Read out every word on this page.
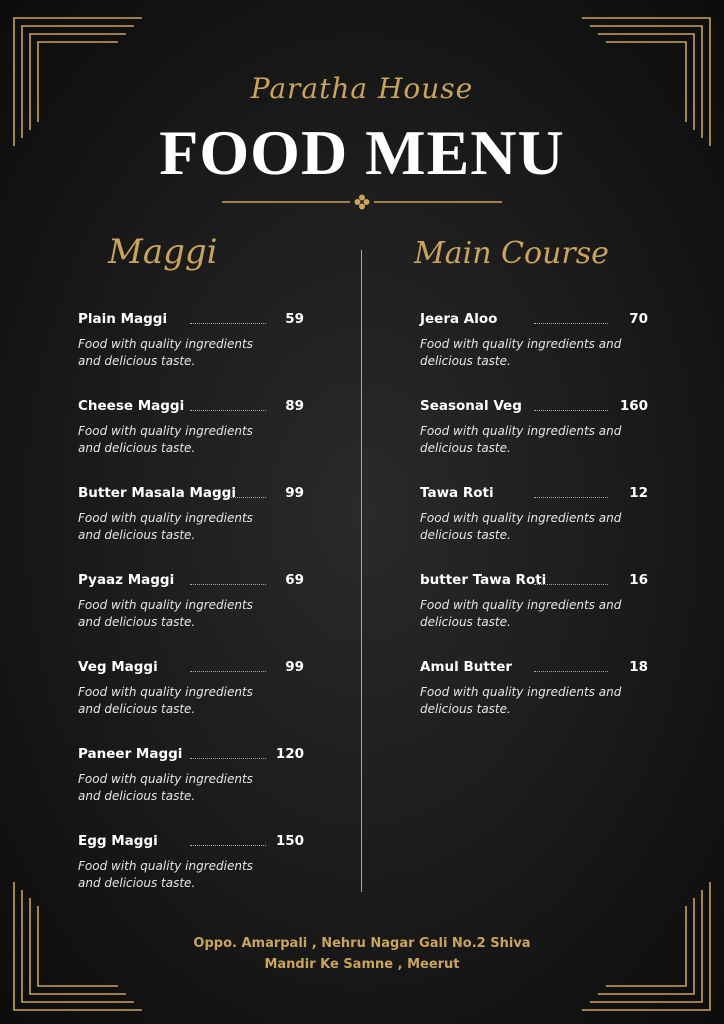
Paratha House
FOOD MENU
Maggi	Main Course
Plain Maggi	59
Food with quality ingredients and delicious taste.
Cheese Maggi	89
Food with quality ingredients and delicious taste.
Butter Masala Maggi	99
Food with quality ingredients and delicious taste.
Pyaaz Maggi	69
Food with quality ingredients and delicious taste.
Veg Maggi	99
Food with quality ingredients and delicious taste.
Paneer Maggi	120
Food with quality ingredients and delicious taste.
Egg Maggi	150
Food with quality ingredients and delicious taste.
Jeera Aloo	70
Food with quality ingredients and delicious taste.
Seasonal Veg	160
Food with quality ingredients and delicious taste.
Tawa Roti	12
Food with quality ingredients and delicious taste.
butter Tawa Roti	16
Food with quality ingredients and delicious taste.
Amul Butter	18
Food with quality ingredients and delicious taste.
Oppo. Amarpali , Nehru Nagar Gali No.2 Shiva
Mandir Ke Samne , Meerut
